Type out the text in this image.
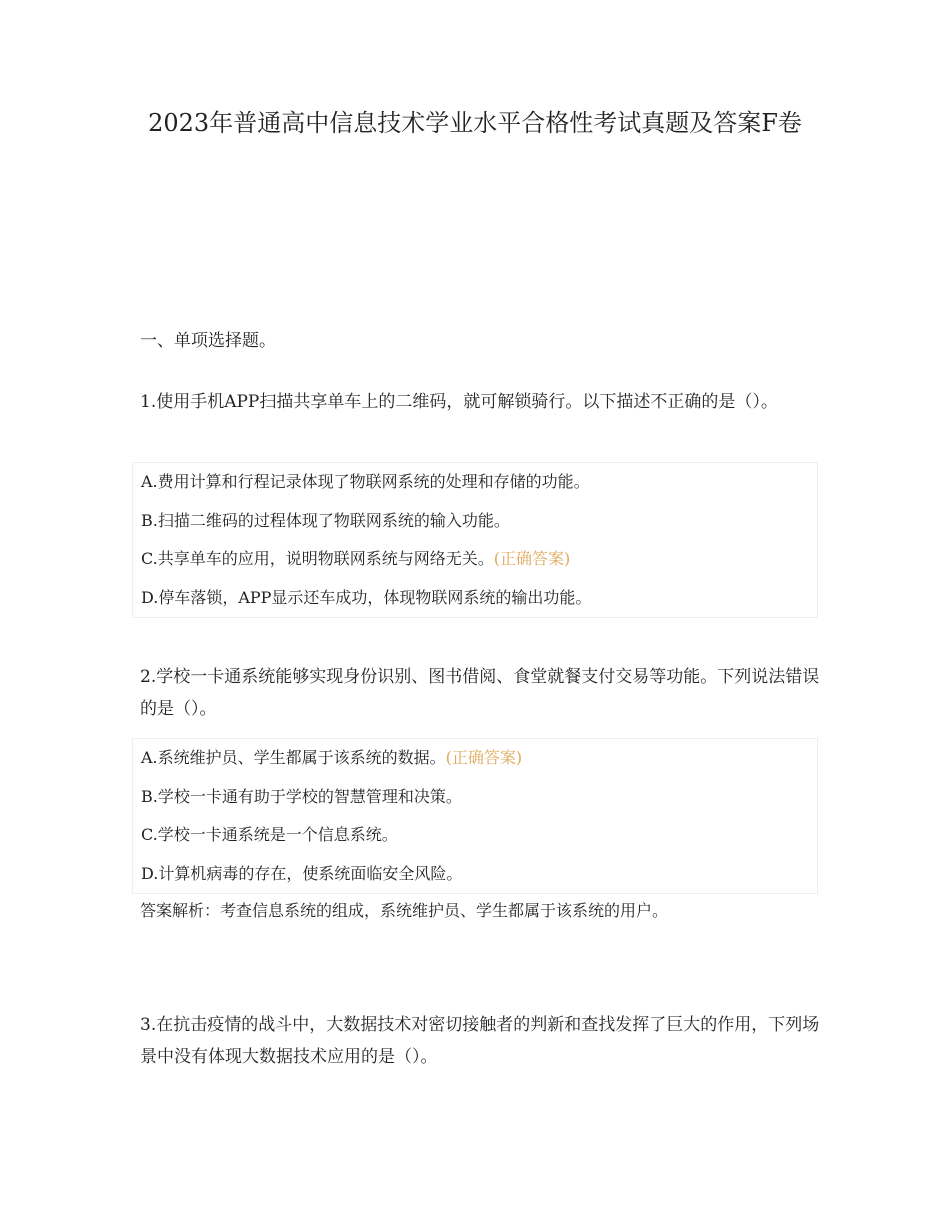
2023年普通高中信息技术学业水平合格性考试真题及答案F卷
一、单项选择题。
1.使用手机APP扫描共享单车上的二维码，就可解锁骑行。以下描述不正确的是（）。
A.费用计算和行程记录体现了物联网系统的处理和存储的功能。
B.扫描二维码的过程体现了物联网系统的输入功能。
C.共享单车的应用，说明物联网系统与网络无关。(正确答案)
D.停车落锁，APP显示还车成功，体现物联网系统的输出功能。
2.学校一卡通系统能够实现身份识别、图书借阅、食堂就餐支付交易等功能。下列说法错误的是（）。
A.系统维护员、学生都属于该系统的数据。(正确答案)
B.学校一卡通有助于学校的智慧管理和决策。
C.学校一卡通系统是一个信息系统。
D.计算机病毒的存在，使系统面临安全风险。
答案解析：考查信息系统的组成，系统维护员、学生都属于该系统的用户。
3.在抗击疫情的战斗中，大数据技术对密切接触者的判新和查找发挥了巨大的作用，下列场景中没有体现大数据技术应用的是（）。
